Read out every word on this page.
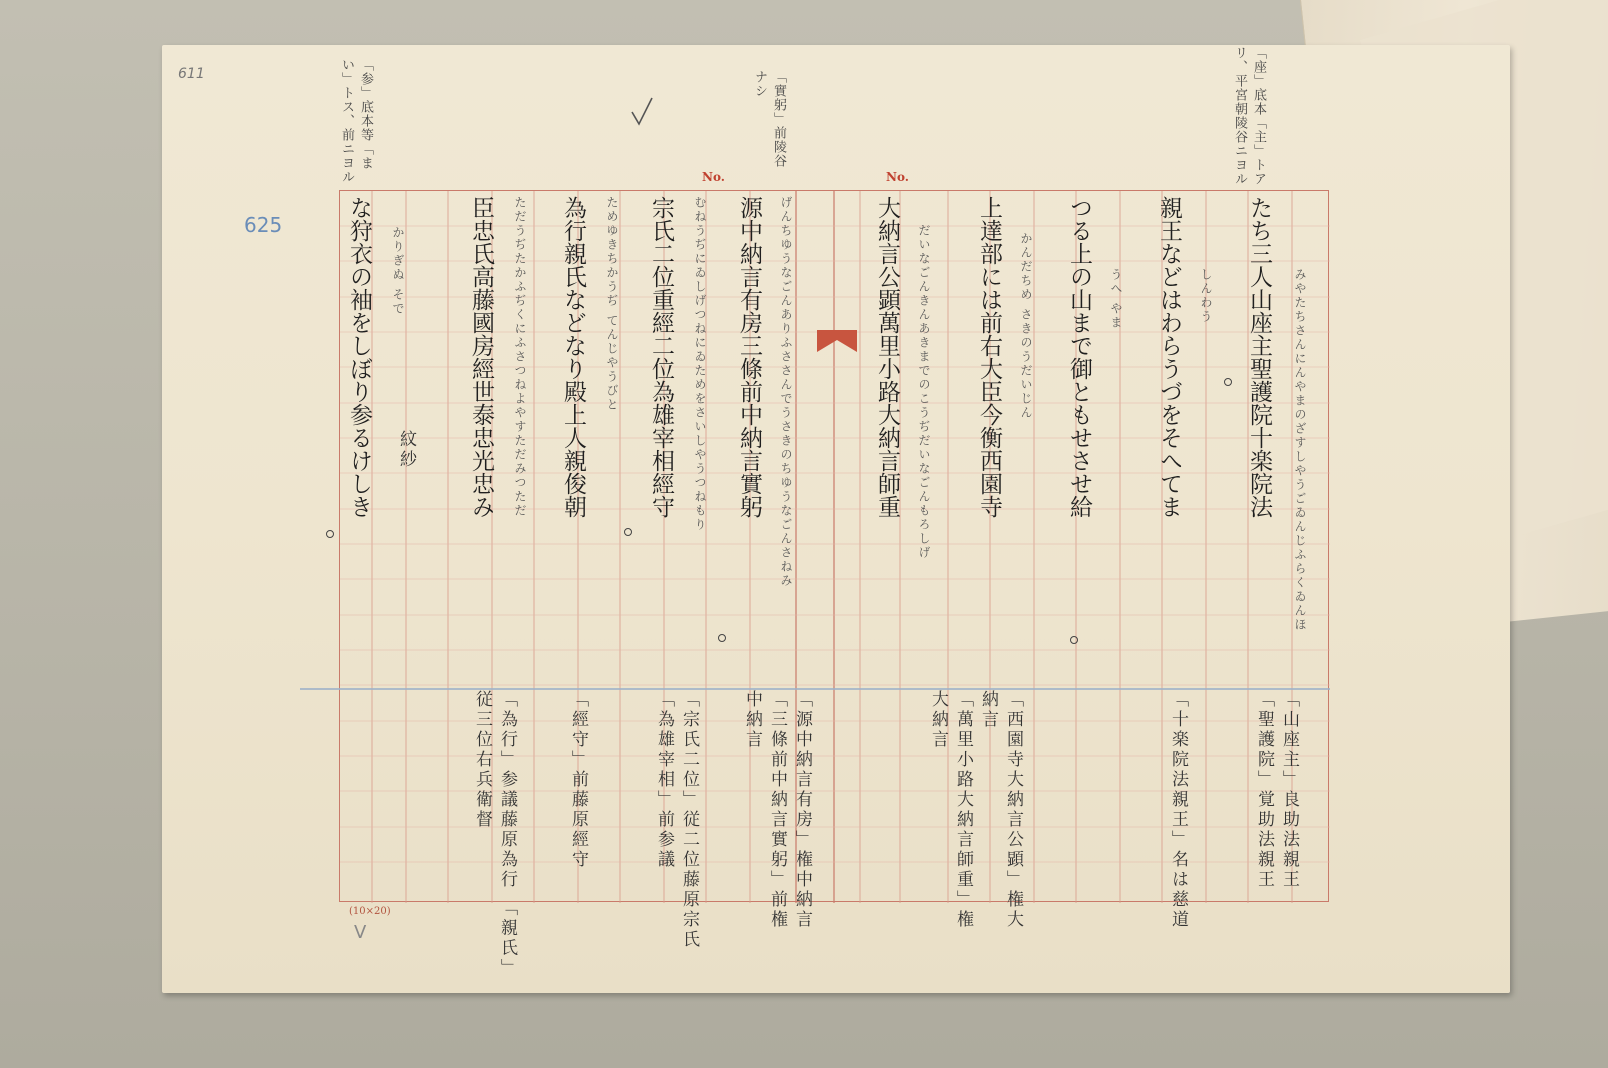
611
625
「参」底本等「まい」トス、前ニヨル	「實躬」前陵谷ナシ	「座」底本「主」トアリ、平宮朝陵谷ニヨル
No.	No.
(10×20)
たち三人山座主聖護院十楽院法 みやたちさんにんやまのざすしやうごゐんじふらくゐんほ
「山座主」良助法親王 「聖護院」覚助法親王
親王などはわらうづをそへてま しんわう
「十楽院法親王」名は慈道
つる上の山まで御ともせさせ給 うへ やま
上達部には前右大臣今衡西園寺 かんだちめ さきのうだいじん
「西園寺大納言公顕」権大納言
大納言公顕萬里小路大納言師重 だいなごんきんあきまでのこうぢだいなごんもろしげ
「萬里小路大納言師重」権大納言
源中納言有房三條前中納言實躬 げんちゆうなごんありふささんでうさきのちゆうなごんさねみ
「源中納言有房」権中納言 「三條前中納言實躬」前権中納言
宗氏二位重經二位為雄宰相經守 むねうぢにゐしげつねにゐためをさいしやうつねもり
「宗氏二位」従二位藤原宗氏 「為雄宰相」前参議
為行親氏などなり殿上人親俊朝 ためゆきちかうぢ てんじやうびと
「經守」前藤原經守
臣忠氏高藤國房經世泰忠光忠み ただうぢたかふぢくにふさつねよやすただみつただ
「為行」参議藤原為行 「親氏」従三位右兵衛督
な狩衣の袖をしぼり参るけしき かりぎぬ そで
紋紗
V
